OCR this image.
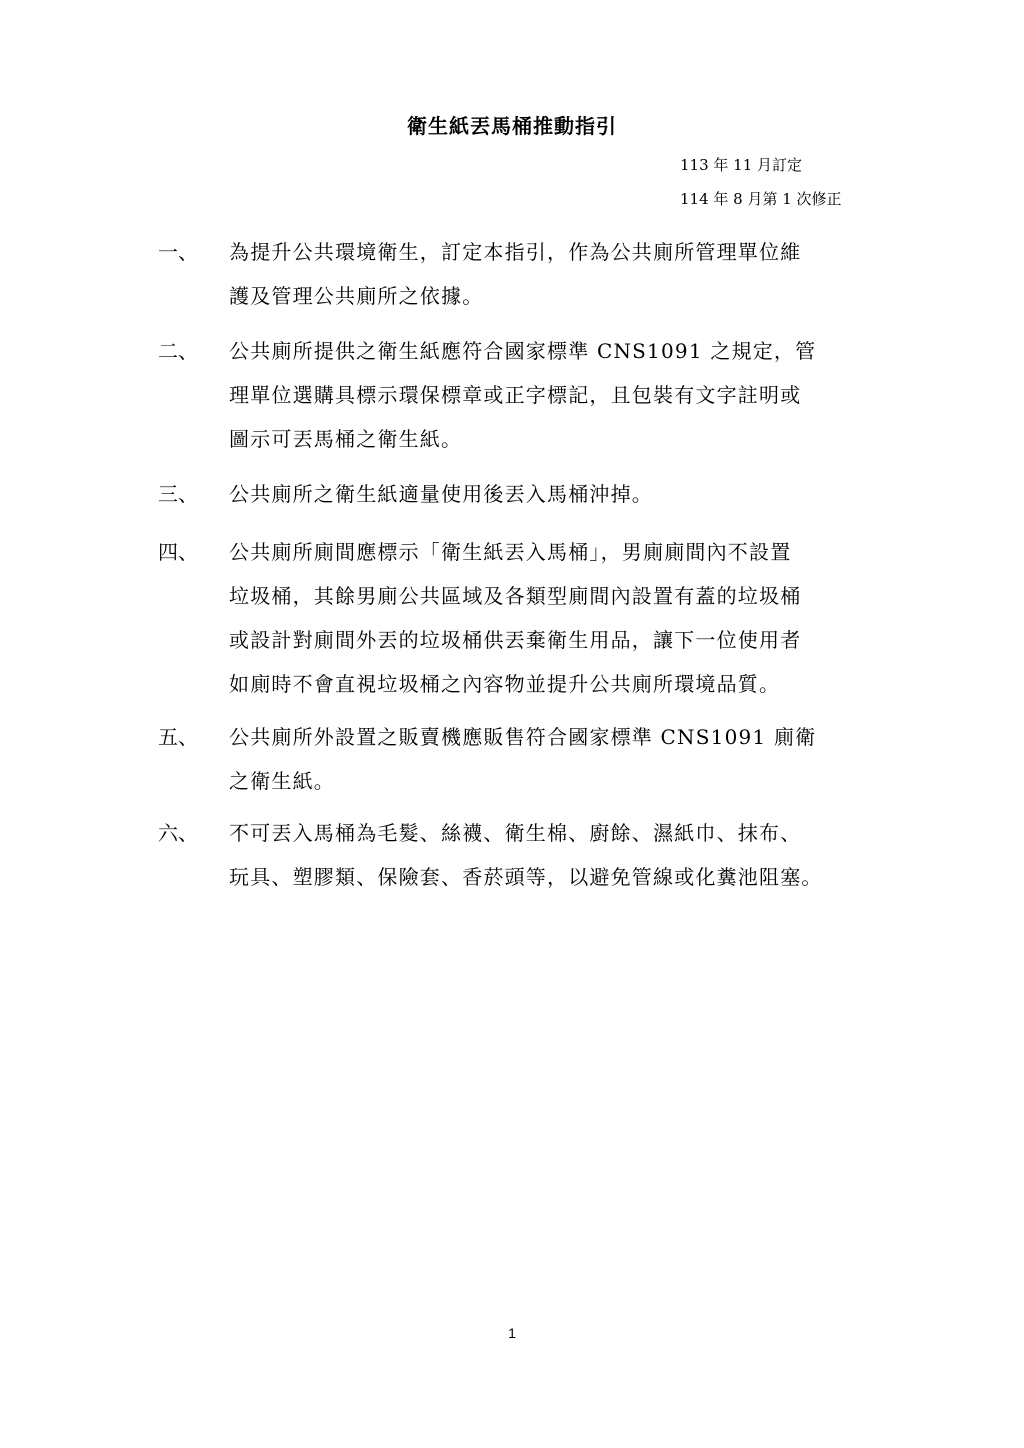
衛生紙丟馬桶推動指引
113 年 11 月訂定
114 年 8 月第 1 次修正
一、	為提升公共環境衛生，訂定本指引，作為公共廁所管理單位維
護及管理公共廁所之依據。
二、	公共廁所提供之衛生紙應符合國家標準 CNS1091 之規定，管
理單位選購具標示環保標章或正字標記，且包裝有文字註明或
圖示可丟馬桶之衛生紙。
三、	公共廁所之衛生紙適量使用後丟入馬桶沖掉。
四、	公共廁所廁間應標示「衛生紙丟入馬桶」，男廁廁間內不設置
垃圾桶，其餘男廁公共區域及各類型廁間內設置有蓋的垃圾桶
或設計對廁間外丟的垃圾桶供丟棄衛生用品，讓下一位使用者
如廁時不會直視垃圾桶之內容物並提升公共廁所環境品質。
五、	公共廁所外設置之販賣機應販售符合國家標準 CNS1091 廁衛
之衛生紙。
六、	不可丟入馬桶為毛髮、絲襪、衛生棉、廚餘、濕紙巾、抹布、
玩具、塑膠類、保險套、香菸頭等，以避免管線或化糞池阻塞。
1
